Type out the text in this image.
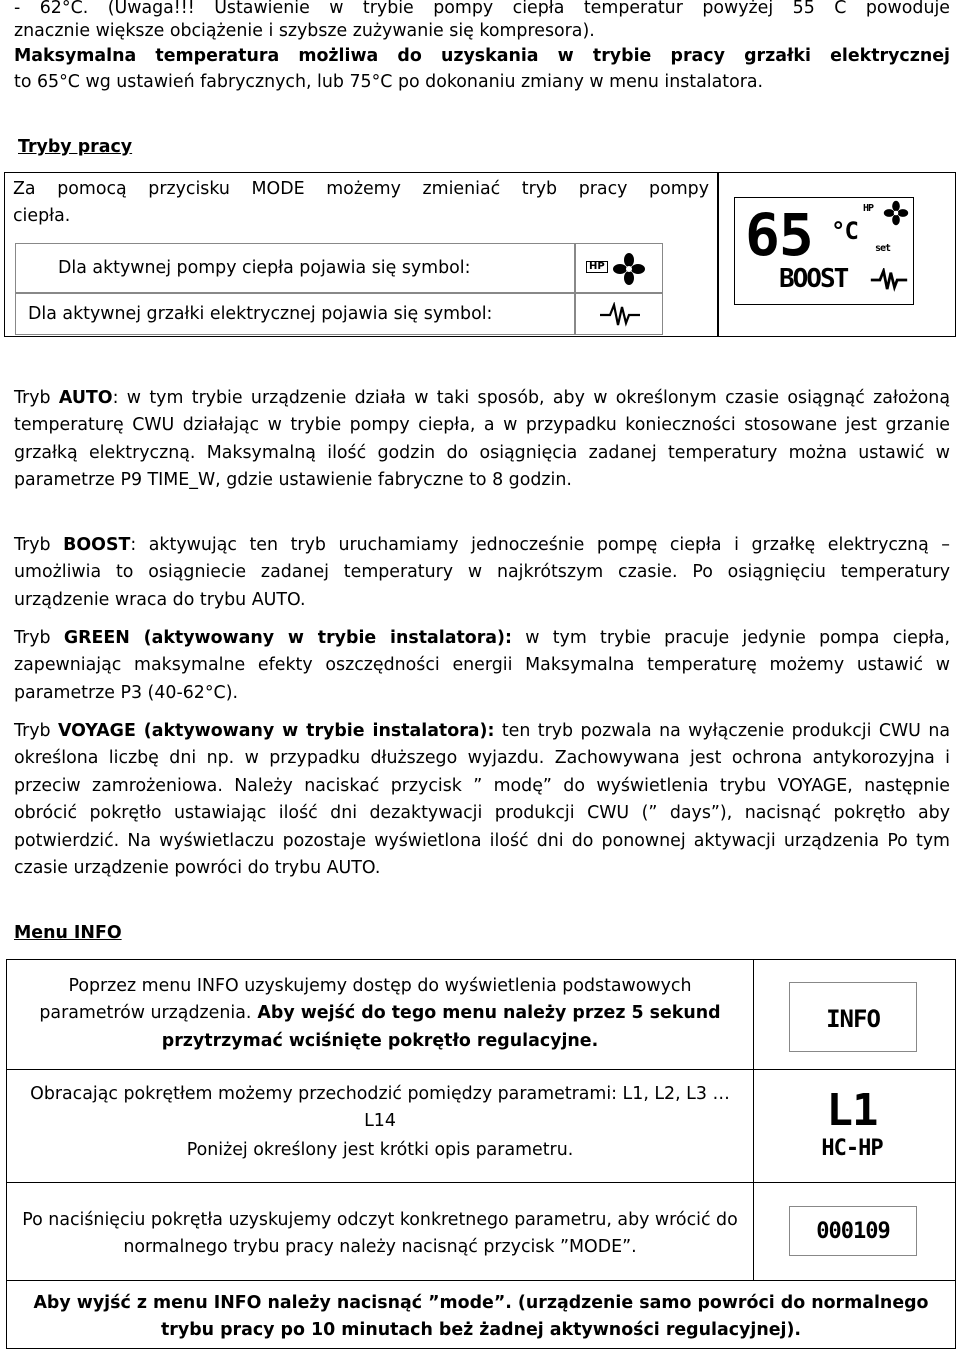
- 62°C. (Uwaga!!! Ustawienie w trybie pompy ciepła temperatur powyżej 55 C powoduje
znacznie większe obciążenie i szybsze zużywanie się kompresora).
Maksymalna temperatura możliwa do uzyskania w trybie pracy grzałki elektrycznej
to 65°C wg ustawień fabrycznych, lub 75°C po dokonaniu zmiany w menu instalatora.
Tryby pracy
Za pomocą przycisku MODE możemy zmieniać tryb pracy pompy
ciepła.
Dla aktywnej pompy ciepła pojawia się symbol:	HP
Dla aktywnej grzałki elektrycznej pojawia się symbol:
65 °C
HP
set
BOOST
Tryb AUTO: w tym trybie urządzenie działa w taki sposób, aby w określonym czasie osiągnąć założoną temperaturę CWU działając w trybie pompy ciepła, a w przypadku konieczności stosowane jest grzanie grzałką elektryczną. Maksymalną ilość godzin do osiągnięcia zadanej temperatury można ustawić w parametrze P9 TIME_W, gdzie ustawienie fabryczne to 8 godzin.
Tryb BOOST: aktywując ten tryb uruchamiamy jednocześnie pompę ciepła i grzałkę elektryczną – umożliwia to osiągniecie zadanej temperatury w najkrótszym czasie. Po osiągnięciu temperatury urządzenie wraca do trybu AUTO.
Tryb GREEN (aktywowany w trybie instalatora): w tym trybie pracuje jedynie pompa ciepła, zapewniając maksymalne efekty oszczędności energii Maksymalna temperaturę możemy ustawić w parametrze P3 (40-62°C).
Tryb VOYAGE (aktywowany w trybie instalatora): ten tryb pozwala na wyłączenie produkcji CWU na określona liczbę dni np. w przypadku dłuższego wyjazdu. Zachowywana jest ochrona antykorozyjna i przeciw zamrożeniowa. Należy naciskać przycisk ” modę” do wyświetlenia trybu VOYAGE, następnie obrócić pokrętło ustawiając ilość dni dezaktywacji produkcji CWU (” days”), nacisnąć pokrętło aby potwierdzić. Na wyświetlaczu pozostaje wyświetlona ilość dni do ponownej aktywacji urządzenia Po tym czasie urządzenie powróci do trybu AUTO.
Menu INFO
Poprzez menu INFO uzyskujemy dostęp do wyświetlenia podstawowych parametrów urządzenia. Aby wejść do tego menu należy przez 5 sekund przytrzymać wciśnięte pokrętło regulacyjne.
INFO
Obracając pokrętłem możemy przechodzić pomiędzy parametrami: L1, L2, L3 …L14
Poniżej określony jest krótki opis parametru.
L1
HC-HP
Po naciśnięciu pokrętła uzyskujemy odczyt konkretnego parametru, aby wrócić do normalnego trybu pracy należy nacisnąć przycisk ”MODE”.
000109
Aby wyjść z menu INFO należy nacisnąć ”mode”. (urządzenie samo powróci do normalnego trybu pracy po 10 minutach beż żadnej aktywności regulacyjnej).
